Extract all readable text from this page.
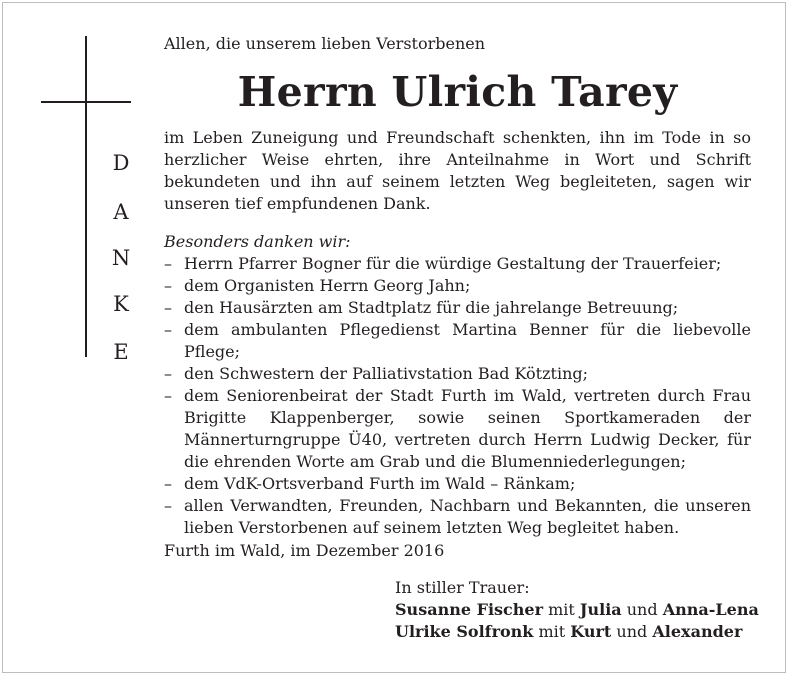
D
A
N
K
E
Allen, die unserem lieben Verstorbenen
Herrn Ulrich Tarey
im Leben Zuneigung und Freundschaft schenkten, ihn im Tode in so herzlicher Weise ehrten, ihre Anteilnahme in Wort und Schrift bekundeten und ihn auf seinem letzten Weg begleiteten, sagen wir unseren tief empfundenen Dank.
Besonders danken wir:
– Herrn Pfarrer Bogner für die würdige Gestaltung der Trauerfeier;
– dem Organisten Herrn Georg Jahn;
– den Hausärzten am Stadtplatz für die jahrelange Betreuung;
– dem ambulanten Pflegedienst Martina Benner für die liebevolle Pflege;
– den Schwestern der Palliativstation Bad Kötzting;
– dem Seniorenbeirat der Stadt Furth im Wald, vertreten durch Frau Brigitte Klappenberger, sowie seinen Sportkameraden der Männerturngruppe Ü40, vertreten durch Herrn Ludwig Decker, für die ehrenden Worte am Grab und die Blumenniederlegungen;
– dem VdK-Ortsverband Furth im Wald – Ränkam;
– allen Verwandten, Freunden, Nachbarn und Bekannten, die unseren lieben Verstorbenen auf seinem letzten Weg begleitet haben.
Furth im Wald, im Dezember 2016
In stiller Trauer:
Susanne Fischer mit Julia und Anna-Lena
Ulrike Solfronk mit Kurt und Alexander
